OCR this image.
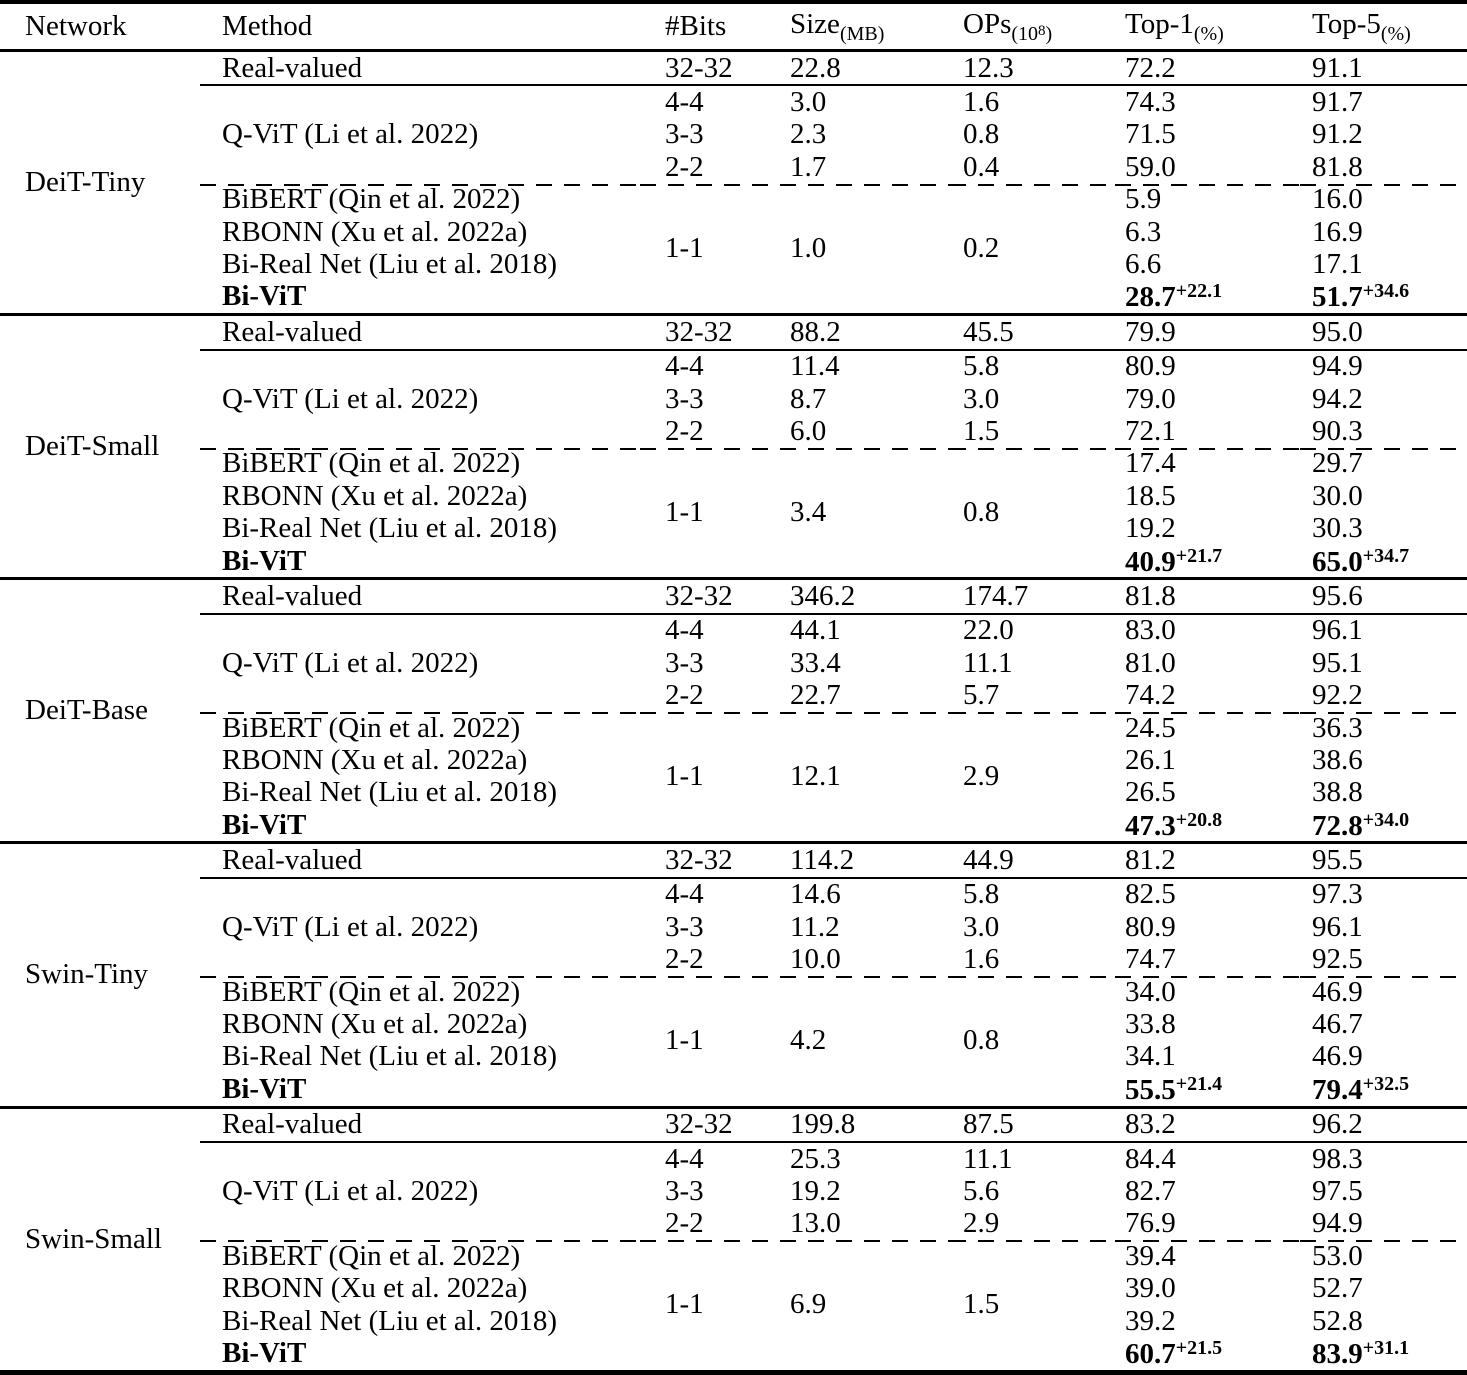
Network	Method	#Bits	Size$_{(MB)}$	OPs$_{(10^8)}$	Top-$1_{(\%)}$	Top-$5_{(\%)}$
DeiT-Tiny	Real-valued	32-32	22.8	12.3	72.2	91.1
	Q-ViT (Li et al. 2022)	4-4	3.0	1.6	74.3	91.7
		3-3	2.3	0.8	71.5	91.2
		2-2	1.7	0.4	59.0	81.8
	BiBERT (Qin et al. 2022)	1-1	1.0	0.2	5.9	16.0
	RBONN (Xu et al. 2022a)				6.3	16.9
	Bi-Real Net (Liu et al. 2018)				6.6	17.1
	Bi-ViT				$28.7^{+22.1}$	$51.7^{+34.6}$
DeiT-Small	Real-valued	32-32	88.2	45.5	79.9	95.0
	Q-ViT (Li et al. 2022)	4-4	11.4	5.8	80.9	94.9
		3-3	8.7	3.0	79.0	94.2
		2-2	6.0	1.5	72.1	90.3
	BiBERT (Qin et al. 2022)	1-1	3.4	0.8	17.4	29.7
	RBONN (Xu et al. 2022a)				18.5	30.0
	Bi-Real Net (Liu et al. 2018)				19.2	30.3
	Bi-ViT				$40.9^{+21.7}$	$65.0^{+34.7}$
DeiT-Base	Real-valued	32-32	346.2	174.7	81.8	95.6
	Q-ViT (Li et al. 2022)	4-4	44.1	22.0	83.0	96.1
		3-3	33.4	11.1	81.0	95.1
		2-2	22.7	5.7	74.2	92.2
	BiBERT (Qin et al. 2022)	1-1	12.1	2.9	24.5	36.3
	RBONN (Xu et al. 2022a)				26.1	38.6
	Bi-Real Net (Liu et al. 2018)				26.5	38.8
	Bi-ViT				$47.3^{+20.8}$	$72.8^{+34.0}$
Swin-Tiny	Real-valued	32-32	114.2	44.9	81.2	95.5
	Q-ViT (Li et al. 2022)	4-4	14.6	5.8	82.5	97.3
		3-3	11.2	3.0	80.9	96.1
		2-2	10.0	1.6	74.7	92.5
	BiBERT (Qin et al. 2022)	1-1	4.2	0.8	34.0	46.9
	RBONN (Xu et al. 2022a)				33.8	46.7
	Bi-Real Net (Liu et al. 2018)				34.1	46.9
	Bi-ViT				$55.5^{+21.4}$	$79.4^{+32.5}$
Swin-Small	Real-valued	32-32	199.8	87.5	83.2	96.2
	Q-ViT (Li et al. 2022)	4-4	25.3	11.1	84.4	98.3
		3-3	19.2	5.6	82.7	97.5
		2-2	13.0	2.9	76.9	94.9
	BiBERT (Qin et al. 2022)	1-1	6.9	1.5	39.4	53.0
	RBONN (Xu et al. 2022a)				39.0	52.7
	Bi-Real Net (Liu et al. 2018)				39.2	52.8
	Bi-ViT				$60.7^{+21.5}$	$83.9^{+31.1}$
